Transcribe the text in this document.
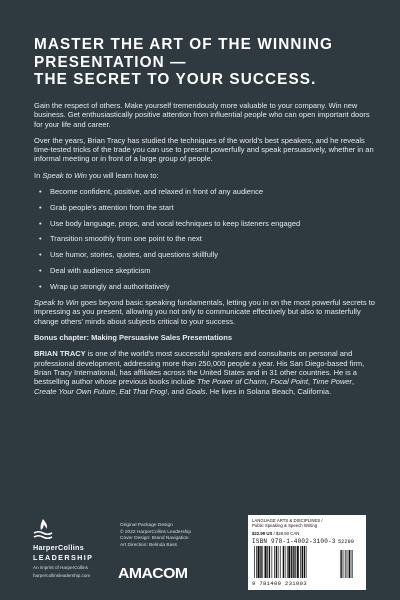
MASTER THE ART OF THE WINNING
PRESENTATION —
THE SECRET TO YOUR SUCCESS.

Gain the respect of others. Make yourself tremendously more valuable to your company. Win new business. Get enthusiastically positive attention from influential people who can open important doors for your life and career.

Over the years, Brian Tracy has studied the techniques of the world's best speakers, and he reveals time-tested tricks of the trade you can use to present powerfully and speak persuasively, whether in an informal meeting or in front of a large group of people.

In Speak to Win you will learn how to:

• Become confident, positive, and relaxed in front of any audience
• Grab people's attention from the start
• Use body language, props, and vocal techniques to keep listeners engaged
• Transition smoothly from one point to the next
• Use humor, stories, quotes, and questions skillfully
• Deal with audience skepticism
• Wrap up strongly and authoritatively

Speak to Win goes beyond basic speaking fundamentals, letting you in on the most powerful secrets to impressing as you present, allowing you not only to communicate effectively but also to masterfully change others' minds about subjects critical to your success.

Bonus chapter: Making Persuasive Sales Presentations

BRIAN TRACY is one of the world's most successful speakers and consultants on personal and professional development, addressing more than 250,000 people a year. His San Diego-based firm, Brian Tracy International, has affiliates across the United States and in 31 other countries. He is a bestselling author whose previous books include The Power of Charm, Focal Point, Time Power, Create Your Own Future, Eat That Frog!, and Goals. He lives in Solana Beach, California.

HarperCollins
LEADERSHIP
An imprint of HarperCollins
harpercollinsleadership.com
Original Package Design
© 2022 HarperCollins Leadership
Cover Design: Brand Navigation
Art Direction: Belinda Bass
AMACOM
LANGUAGE ARTS & DISCIPLINES /
Public Speaking & Speech Writing
$22.99 US / $28.50 CAN
ISBN 978-1-4002-3100-3 52299
9 781400 231003
